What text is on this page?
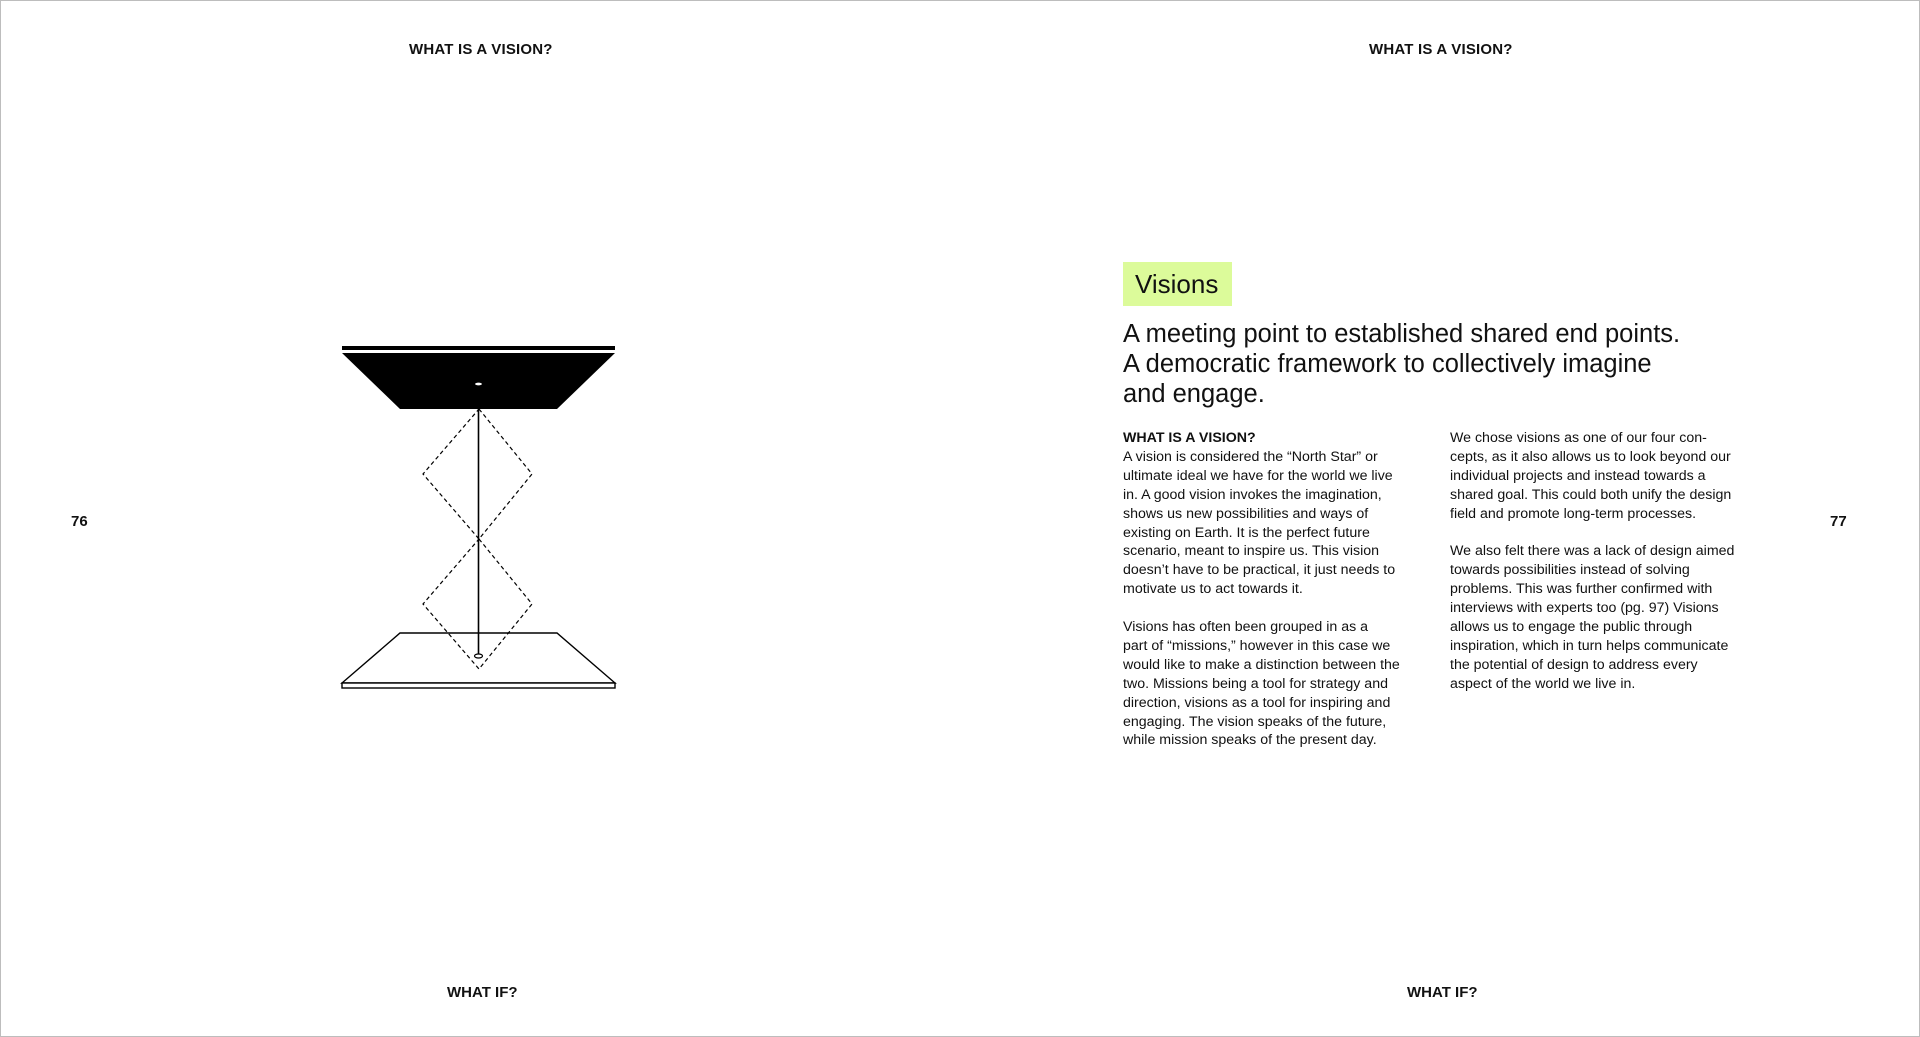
WHAT IS A VISION?
76
WHAT IF?
WHAT IS A VISION?
77
WHAT IF?
Visions
A meeting point to established shared end points.
A democratic framework to collectively imagine
and engage.
WHAT IS A VISION?
A vision is considered the “North Star” or
ultimate ideal we have for the world we live
in. A good vision invokes the imagination,
shows us new possibilities and ways of
existing on Earth. It is the perfect future
scenario, meant to inspire us. This vision
doesn’t have to be practical, it just needs to
motivate us to act towards it.
Visions has often been grouped in as a
part of “missions,” however in this case we
would like to make a distinction between the
two. Missions being a tool for strategy and
direction, visions as a tool for inspiring and
engaging. The vision speaks of the future,
while mission speaks of the present day.
We chose visions as one of our four con-
cepts, as it also allows us to look beyond our
individual projects and instead towards a
shared goal. This could both unify the design
field and promote long-term processes.
We also felt there was a lack of design aimed
towards possibilities instead of solving
problems. This was further confirmed with
interviews with experts too (pg. 97) Visions
allows us to engage the public through
inspiration, which in turn helps communicate
the potential of design to address every
aspect of the world we live in.
